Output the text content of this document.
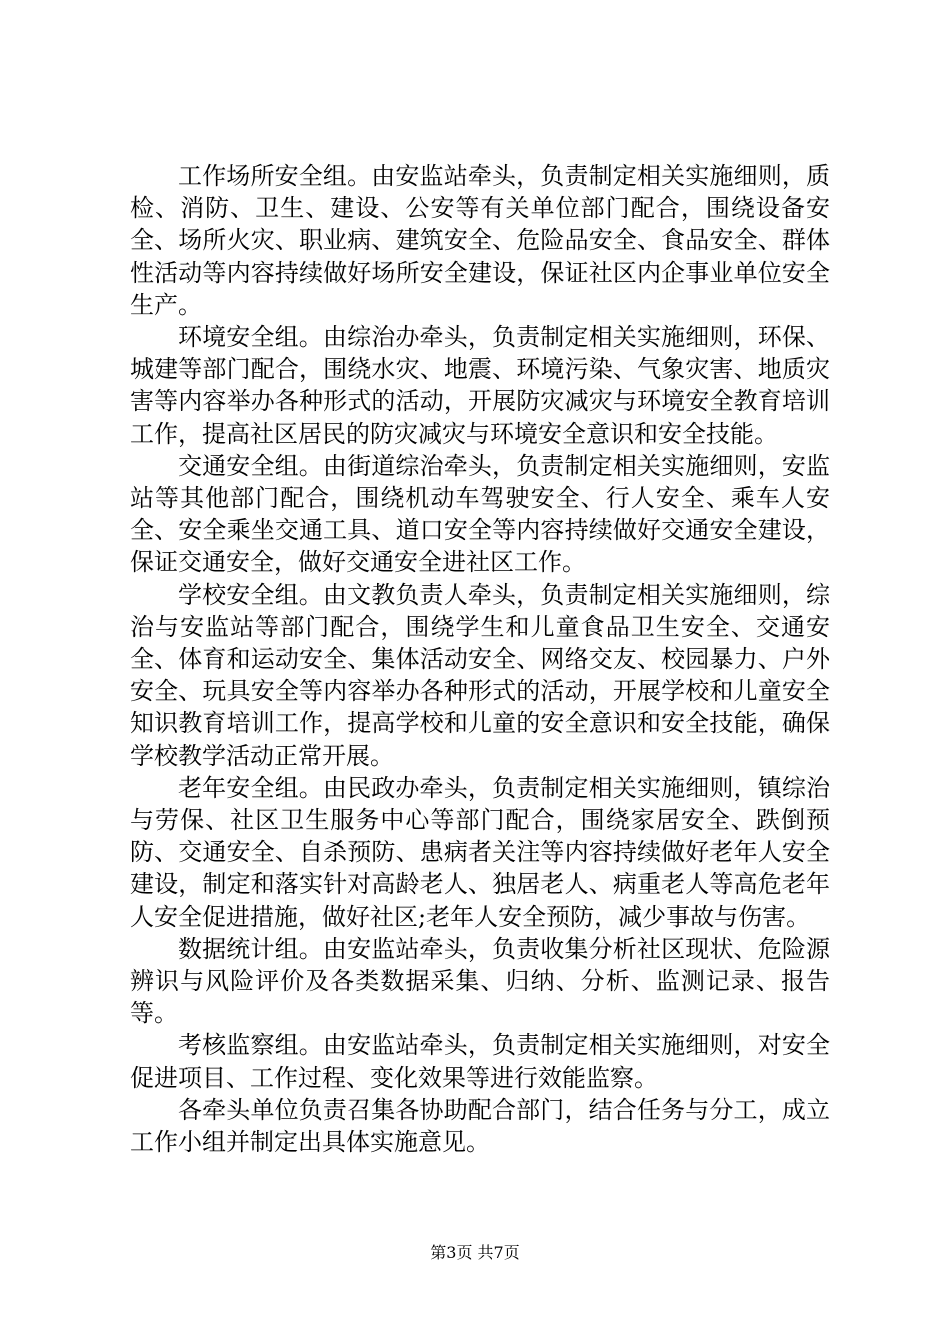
工作场所安全组。由安监站牵头，负责制定相关实施细则，质检、消防、卫生、建设、公安等有关单位部门配合，围绕设备安全、场所火灾、职业病、建筑安全、危险品安全、食品安全、群体性活动等内容持续做好场所安全建设，保证社区内企事业单位安全生产。

环境安全组。由综治办牵头，负责制定相关实施细则，环保、城建等部门配合，围绕水灾、地震、环境污染、气象灾害、地质灾害等内容举办各种形式的活动，开展防灾减灾与环境安全教育培训工作，提高社区居民的防灾减灾与环境安全意识和安全技能。

交通安全组。由街道综治牵头，负责制定相关实施细则，安监站等其他部门配合，围绕机动车驾驶安全、行人安全、乘车人安全、安全乘坐交通工具、道口安全等内容持续做好交通安全建设，保证交通安全，做好交通安全进社区工作。

学校安全组。由文教负责人牵头，负责制定相关实施细则，综治与安监站等部门配合，围绕学生和儿童食品卫生安全、交通安全、体育和运动安全、集体活动安全、网络交友、校园暴力、户外安全、玩具安全等内容举办各种形式的活动，开展学校和儿童安全知识教育培训工作，提高学校和儿童的安全意识和安全技能，确保学校教学活动正常开展。

老年安全组。由民政办牵头，负责制定相关实施细则，镇综治与劳保、社区卫生服务中心等部门配合，围绕家居安全、跌倒预防、交通安全、自杀预防、患病者关注等内容持续做好老年人安全建设，制定和落实针对高龄老人、独居老人、病重老人等高危老年人安全促进措施，做好社区;老年人安全预防，减少事故与伤害。

数据统计组。由安监站牵头，负责收集分析社区现状、危险源辨识与风险评价及各类数据采集、归纳、分析、监测记录、报告等。

考核监察组。由安监站牵头，负责制定相关实施细则，对安全促进项目、工作过程、变化效果等进行效能监察。

各牵头单位负责召集各协助配合部门，结合任务与分工，成立工作小组并制定出具体实施意见。

第3页 共7页
